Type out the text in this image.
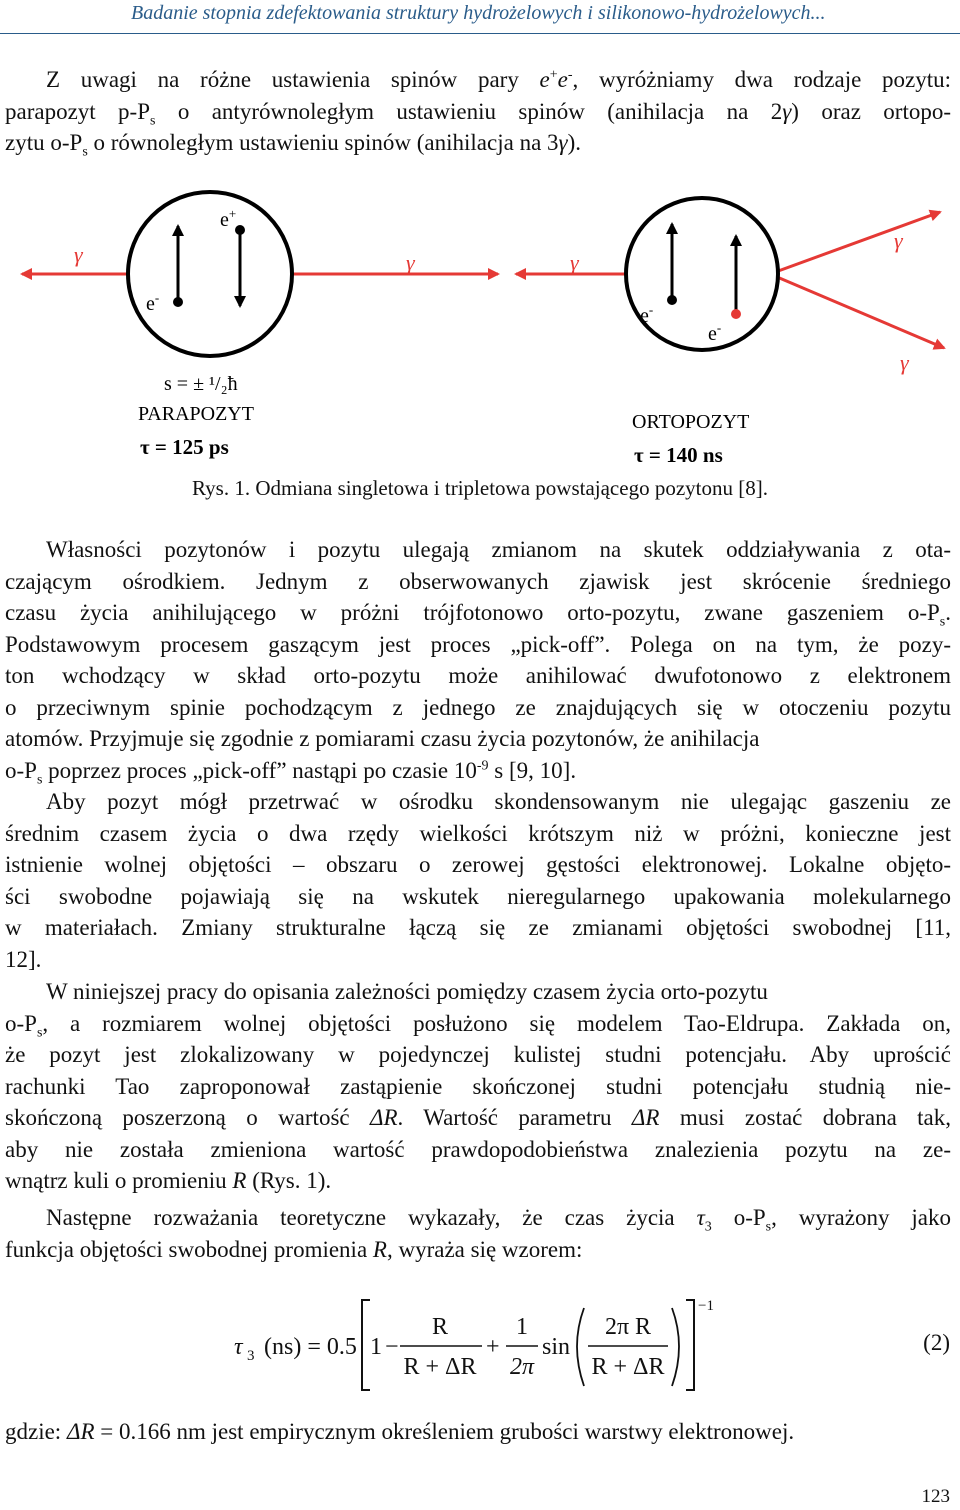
Badanie stopnia zdefektowania struktury hydrożelowych i silikonowo-hydrożelowych...
Z uwagi na różne ustawienia spinów pary e+e-, wyróżniamy dwa rodzaje pozytu:
parapozyt $p-P_s$ o antyrównoległym ustawieniu spinów (anihilacja na 2γ) oraz ortopo-
zytu $o-P_s$ o równoległym ustawieniu spinów (anihilacja na 3γ).
γ	γ
e+
e-
s = ± ¹/₂ħ
PARAPOZYT
τ = 125 ps
γ
γ
γ
e-
e-
ORTOPOZYT
τ = 140 ns
Rys. 1. Odmiana singletowa i tripletowa powstającego pozytonu [8].
Własności pozytonów i pozytu ulegają zmianom na skutek oddziaływania z ota-
czającym ośrodkiem. Jednym z obserwowanych zjawisk jest skrócenie średniego
czasu życia anihilującego w próżni trójfotonowo orto-pozytu, zwane gaszeniem $o-P_s$.
Podstawowym procesem gaszącym jest proces „pick-off”. Polega on na tym, że pozy-
ton wchodzący w skład orto-pozytu może anihilować dwufotonowo z elektronem
o przeciwnym spinie pochodzącym z jednego ze znajdujących się w otoczeniu pozytu
atomów. Przyjmuje się zgodnie z pomiarami czasu życia pozytonów, że anihilacja
$o-P_s$ poprzez proces „pick-off” nastąpi po czasie $10^{-9}$ s [9, 10].
Aby pozyt mógł przetrwać w ośrodku skondensowanym nie ulegając gaszeniu ze
średnim czasem życia o dwa rzędy wielkości krótszym niż w próżni, konieczne jest
istnienie wolnej objętości – obszaru o zerowej gęstości elektronowej. Lokalne objęto-
ści swobodne pojawiają się na wskutek nieregularnego upakowania molekularnego
w materiałach. Zmiany strukturalne łączą się ze zmianami objętości swobodnej [11,
12].
W niniejszej pracy do opisania zależności pomiędzy czasem życia orto-pozytu
$o-P_s$, a rozmiarem wolnej objętości posłużono się modelem Tao-Eldrupa. Zakłada on,
że pozyt jest zlokalizowany w pojedynczej kulistej studni potencjału. Aby uprościć
rachunki Tao zaproponował zastąpienie skończonej studni potencjału studnią nie-
skończoną poszerzoną o wartość ΔR. Wartość parametru ΔR musi zostać dobrana tak,
aby nie została zmieniona wartość prawdopodobieństwa znalezienia pozytu na ze-
wnątrz kuli o promieniu R (Rys. 1).
Następne rozważania teoretyczne wykazały, że czas życia $\tau_3$ $o-P_s$, wyrażony jako
funkcja objętości swobodnej promienia R, wyraża się wzorem:
τ 3 (ns) = 0.5 1 −
R
R + ΔR
+
1
2π
sin
2π R
R + ΔR
−1
(2)
gdzie: ΔR = 0.166 nm jest empirycznym określeniem grubości warstwy elektronowej.
123
